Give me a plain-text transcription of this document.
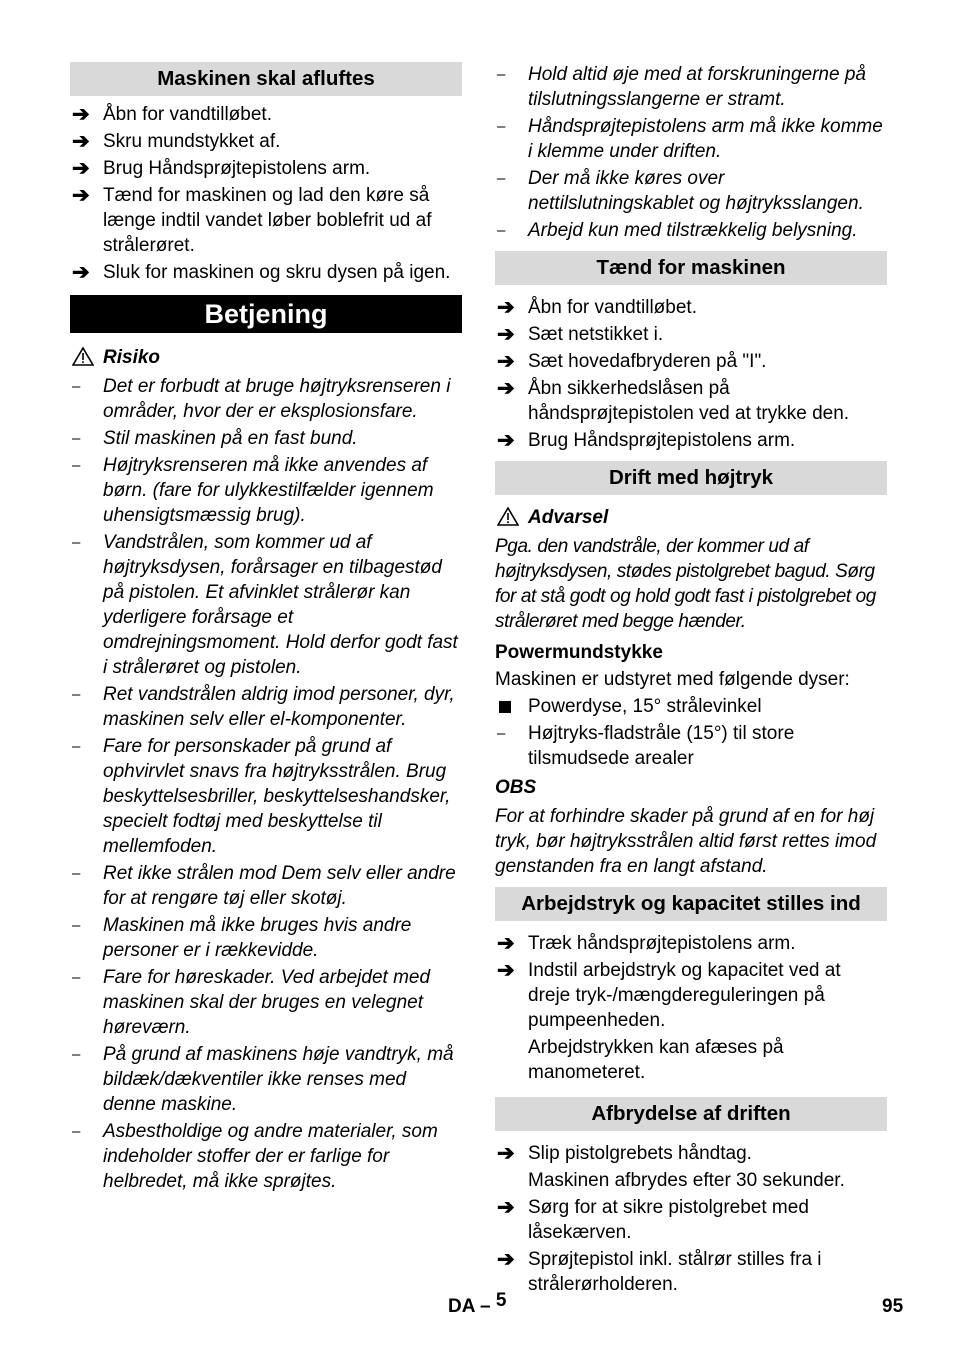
Maskinen skal afluftes
➔ Åbn for vandtilløbet.
➔ Skru mundstykket af.
➔ Brug Håndsprøjtepistolens arm.
➔ Tænd for maskinen og lad den køre så længe indtil vandet løber boblefrit ud af strålerøret.
➔ Sluk for maskinen og skru dysen på igen.
Betjening
Risiko
–	Det er forbudt at bruge højtryksrenseren i områder, hvor der er eksplosionsfare.
–	Stil maskinen på en fast bund.
–	Højtryksrenseren må ikke anvendes af børn. (fare for ulykkestilfælder igennem uhensigtsmæssig brug).
–	Vandstrålen, som kommer ud af højtryksdysen, forårsager en tilbagestød på pistolen. Et afvinklet strålerør kan yderligere forårsage et omdrejningsmoment. Hold derfor godt fast i strålerøret og pistolen.
–	Ret vandstrålen aldrig imod personer, dyr, maskinen selv eller el-komponenter.
–	Fare for personskader på grund af ophvirvlet snavs fra højtryksstrålen. Brug beskyttelsesbriller, beskyttelseshandsker, specielt fodtøj med beskyttelse til mellemfoden.
–	Ret ikke strålen mod Dem selv eller andre for at rengøre tøj eller skotøj.
–	Maskinen må ikke bruges hvis andre personer er i rækkevidde.
–	Fare for høreskader. Ved arbejdet med maskinen skal der bruges en velegnet høreværn.
–	På grund af maskinens høje vandtryk, må bildæk/dækventiler ikke renses med denne maskine.
–	Asbestholdige og andre materialer, som indeholder stoffer der er farlige for helbredet, må ikke sprøjtes.
–	Hold altid øje med at forskruningerne på tilslutningsslangerne er stramt.
–	Håndsprøjtepistolens arm må ikke komme i klemme under driften.
–	Der må ikke køres over nettilslutningskablet og højtryksslangen.
–	Arbejd kun med tilstrækkelig belysning.
Tænd for maskinen
➔ Åbn for vandtilløbet.
➔ Sæt netstikket i.
➔ Sæt hovedafbryderen på "I".
➔ Åbn sikkerhedslåsen på håndsprøjtepistolen ved at trykke den.
➔ Brug Håndsprøjtepistolens arm.
Drift med højtryk
Advarsel
Pga. den vandstråle, der kommer ud af højtryksdysen, stødes pistolgrebet bagud. Sørg for at stå godt og hold godt fast i pistolgrebet og strålerøret med begge hænder.
Powermundstykke
Maskinen er udstyret med følgende dyser:
Powerdyse, 15° strålevinkel
–	Højtryks-fladstråle (15°) til store tilsmudsede arealer
OBS
For at forhindre skader på grund af en for høj tryk, bør højtryksstrålen altid først rettes imod genstanden fra en langt afstand.
Arbejdstryk og kapacitet stilles ind
➔ Træk håndsprøjtepistolens arm.
➔ Indstil arbejdstryk og kapacitet ved at dreje tryk-/mængdereguleringen på pumpeenheden.
Arbejdstrykken kan afæses på manometeret.
Afbrydelse af driften
➔ Slip pistolgrebets håndtag.
Maskinen afbrydes efter 30 sekunder.
➔ Sørg for at sikre pistolgrebet med låsekærven.
➔ Sprøjtepistol inkl. stålrør stilles fra i strålerørholderen.
DA – 5	95
